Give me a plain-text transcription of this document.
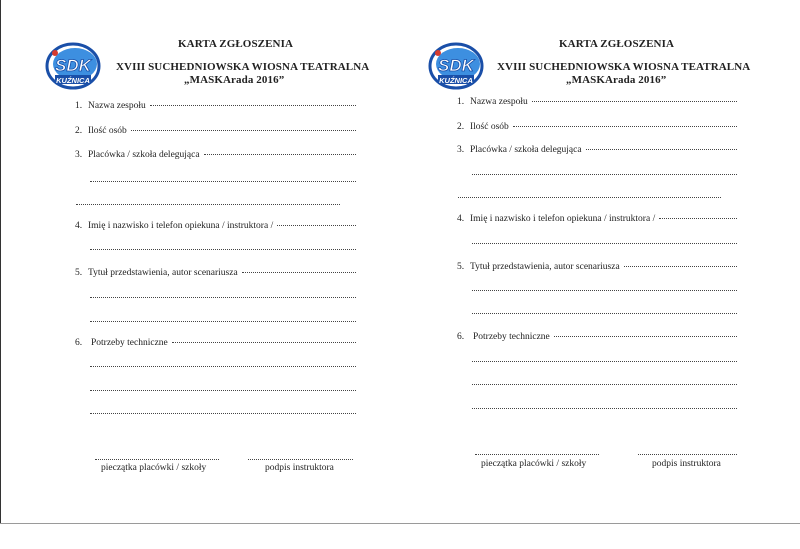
SDK
KUŹNICA
KARTA ZGŁOSZENIA
XVIII SUCHEDNIOWSKA WIOSNA TEATRALNA
„MASKArada 2016”
1. Nazwa zespołu
2. Ilość osób
3. Placówka / szkoła delegująca
4. Imię i nazwisko i telefon opiekuna / instruktora /
5. Tytuł przedstawienia, autor scenariusza
6. Potrzeby techniczne
pieczątka placówki / szkoły	podpis instruktora
SDK
KUŹNICA
KARTA ZGŁOSZENIA
XVIII SUCHEDNIOWSKA WIOSNA TEATRALNA
„MASKArada 2016”
1. Nazwa zespołu
2. Ilość osób
3. Placówka / szkoła delegująca
4. Imię i nazwisko i telefon opiekuna / instruktora /
5. Tytuł przedstawienia, autor scenariusza
6. Potrzeby techniczne
pieczątka placówki / szkoły	podpis instruktora
